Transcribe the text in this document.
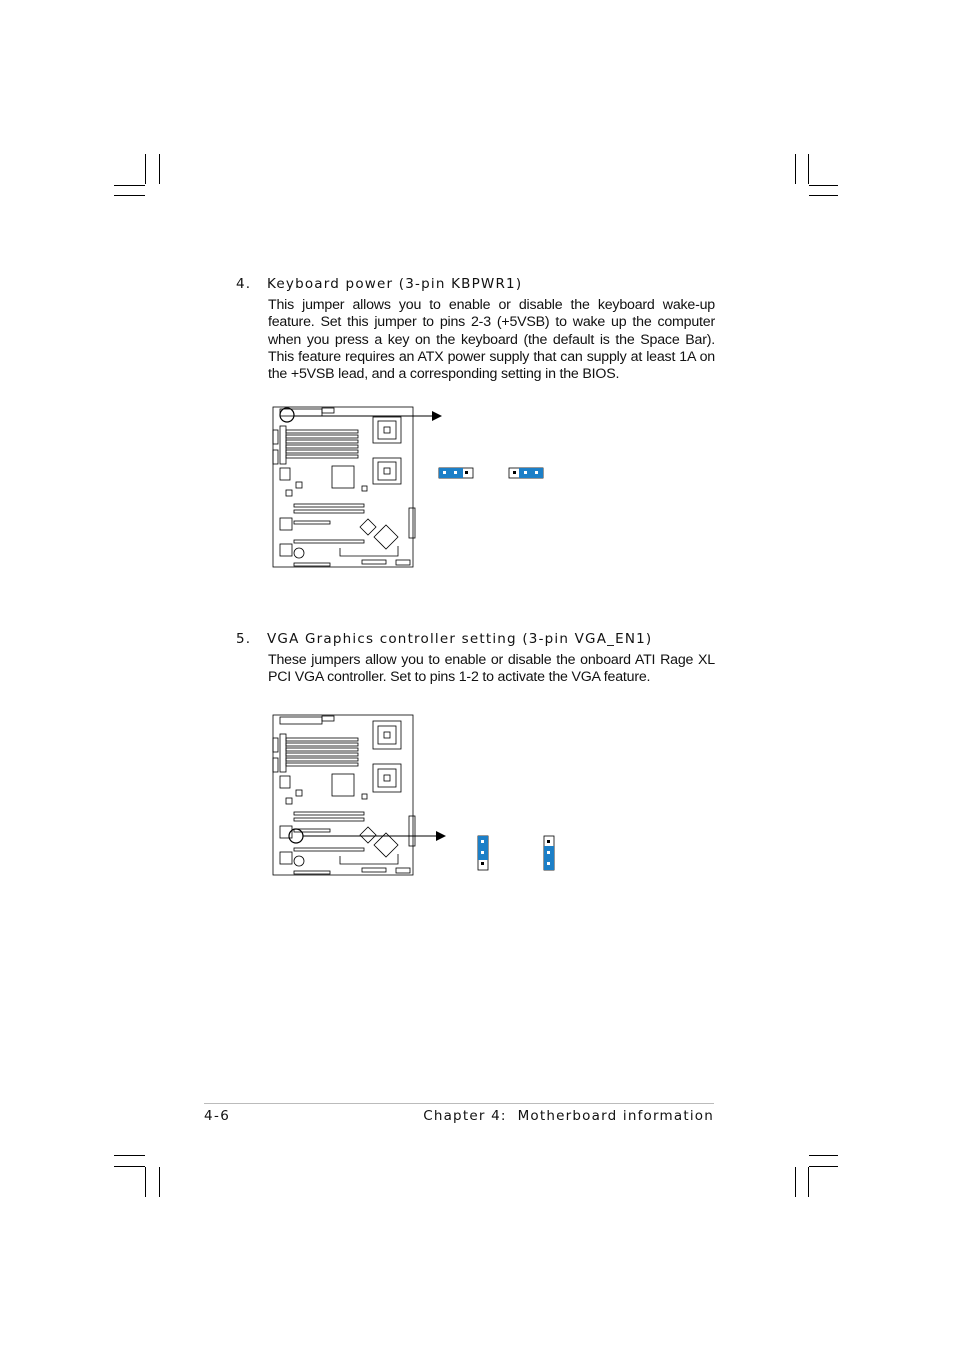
4. Keyboard power (3-pin KBPWR1)

This jumper allows you to enable or disable the keyboard wake-up feature. Set this jumper to pins 2-3 (+5VSB) to wake up the computer when you press a key on the keyboard (the default is the Space Bar). This feature requires an ATX power supply that can supply at least 1A on the +5VSB lead, and a corresponding setting in the BIOS.

5. VGA Graphics controller setting (3-pin VGA_EN1)

These jumpers allow you to enable or disable the onboard ATI Rage XL PCI VGA controller. Set to pins 1-2 to activate the VGA feature.

4-6	Chapter 4:  Motherboard information
